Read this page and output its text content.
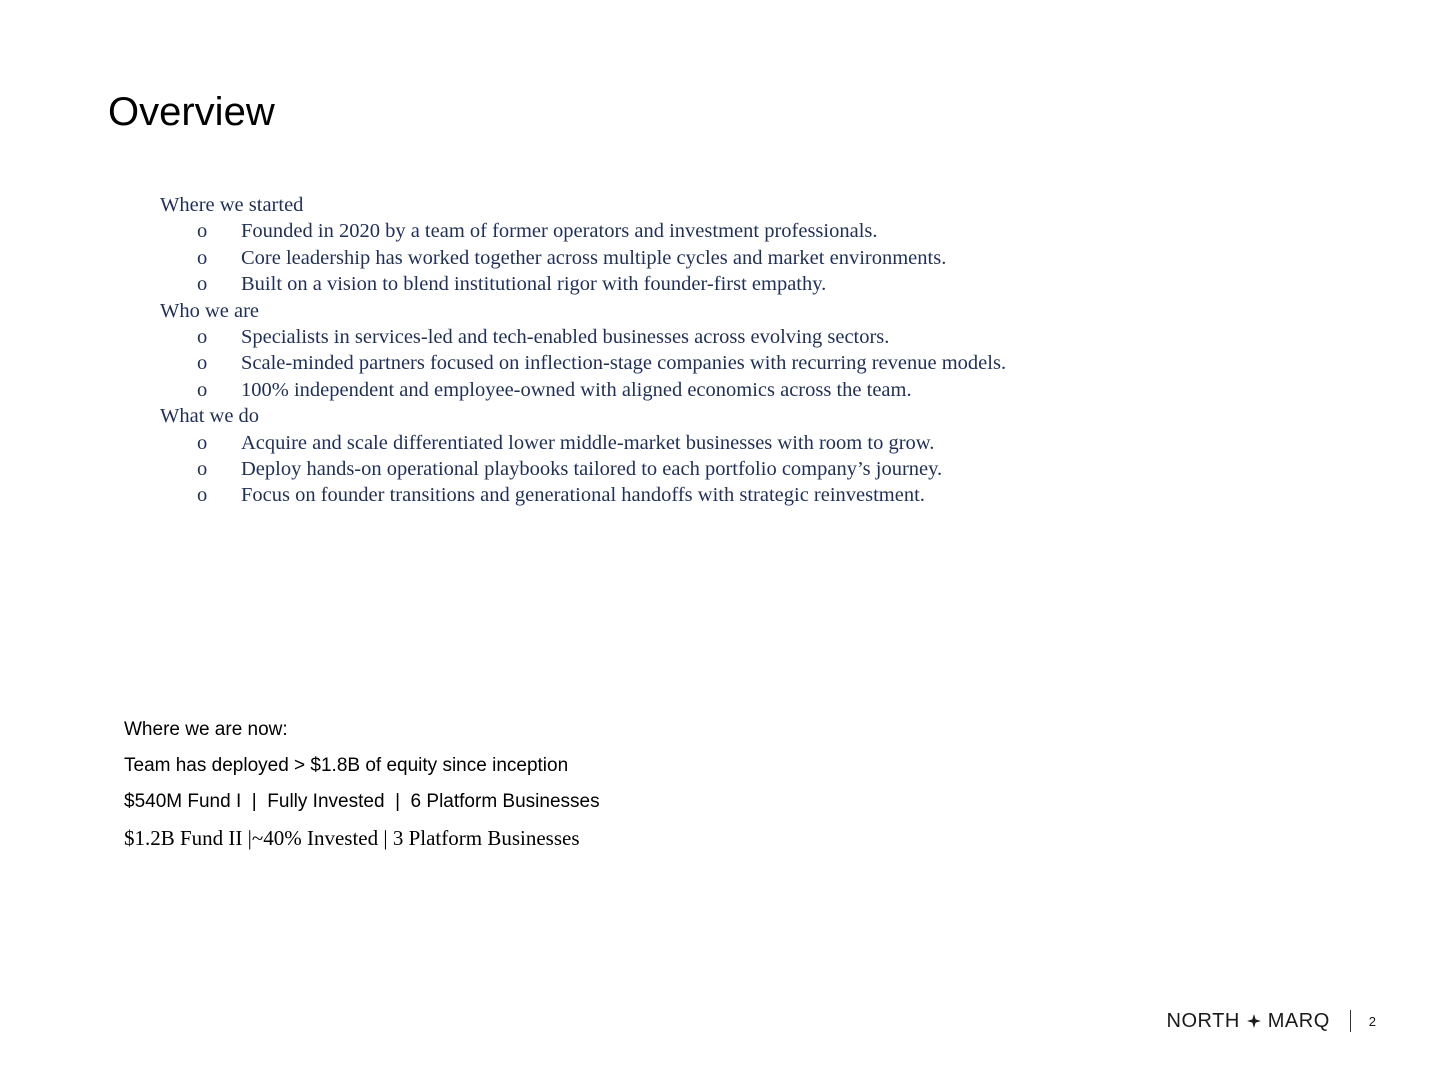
Overview

Where we started

o Founded in 2020 by a team of former operators and investment professionals.
o Core leadership has worked together across multiple cycles and market environments.
o Built on a vision to blend institutional rigor with founder-first empathy.

Who we are

o Specialists in services-led and tech-enabled businesses across evolving sectors.
o Scale-minded partners focused on inflection-stage companies with recurring revenue models.
o 100% independent and employee-owned with aligned economics across the team.

What we do

o Acquire and scale differentiated lower middle-market businesses with room to grow.
o Deploy hands-on operational playbooks tailored to each portfolio company’s journey.
o Focus on founder transitions and generational handoffs with strategic reinvestment.
Where we are now:
Team has deployed > $1.8B of equity since inception
$540M Fund I  |  Fully Invested  |  6 Platform Businesses
$1.2B Fund II |~40% Invested | 3 Platform Businesses
NORTH MARQ	2
